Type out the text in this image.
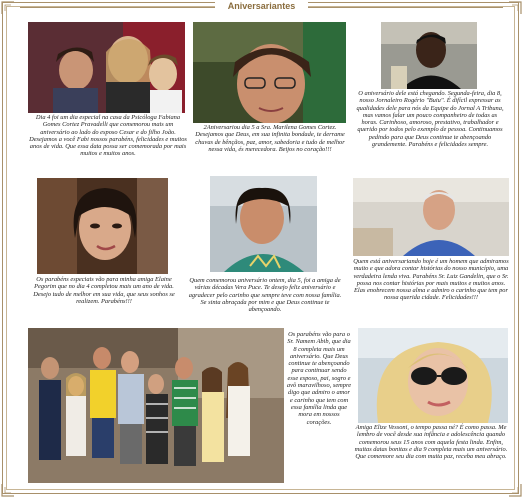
Aniversariantes
Dia 4 foi um dia especial na casa da Psicóloga Fabiana Gomes Cortez Pravadelli que comemorou mais um aniversário ao lado do esposo Cesar e do filho João. Desejamos a você Fabi nossos parabéns, felicidades e muitos anos de vida. Que essa data possa ser comemorada por mais muitos e muitos anos.
2Aniversariou dia 5 a Sra. Marilena Gomes Cortez. Desejamos que Deus, em sua infinita bondade, te derrame chuvas de bênçãos, paz, amor, sabedoria e tudo de melhor nessa vida, és merecedora. Beijos no coração!!!
O aniversário dele está chegando. Segunda-feira, dia 8, nosso Jornaleiro Rogério "Buiu". É difícil expressar as qualidades dele para nós da Equipe do Jornal A Tribuna, mas vamos falar um pouco companheiro de todas as horas. Carinhoso, amoroso, prestativo, trabalhador e querido por todos pelo exemplo de pessoa. Continuamos pedindo para que Deus continue te abençoando grandemente. Parabéns e felicidades sempre.
Os parabéns especiais vão para minha amiga Elaine Pegorim que no dia 4 completou mais um ano de vida. Desejo tudo de melhor em sua vida, que seus sonhos se realizem. Parabéns!!!
Quem comemorou aniversário ontem, dia 5, foi a amiga de várias décadas Vera Puce. Te desejo feliz aniversário e agradecer pelo carinho que sempre teve com nossa família. Se sinta abraçada por mim e que Deus continue te abençoando.
Quem está aniversariando hoje é um homem que admiramos muito e que adora contar histórias do nosso município, uma verdadeira lenda viva. Parabéns Sr. Luiz Gandelin, que o Sr. possa nos contar histórias por mais muitos e muitos anos. Elas enobrecem nossa alma e admiro o carinho que tem por nossa querida cidade. Felicidades!!!
Os parabéns vão para o Sr. Namem Abib, que dia 8 completa mais um aniversário. Que Deus continue te abençoando para continuar sendo esse esposo, pai, sogro e avô maravilhoso, sempre digo que admiro o amor e carinho que tem com essa família linda que mora em nossos corações.
Amiga Elize Vessoni, o tempo passa né? É como passa. Me lembro de você desde sua infância e adolescência quando comemorou seus 15 anos com aquela festa linda. Enfim, muitas datas bonitas e dia 9 completa mais um aniversário. Que comemore seu dia com muita paz, receba meu abraço.
